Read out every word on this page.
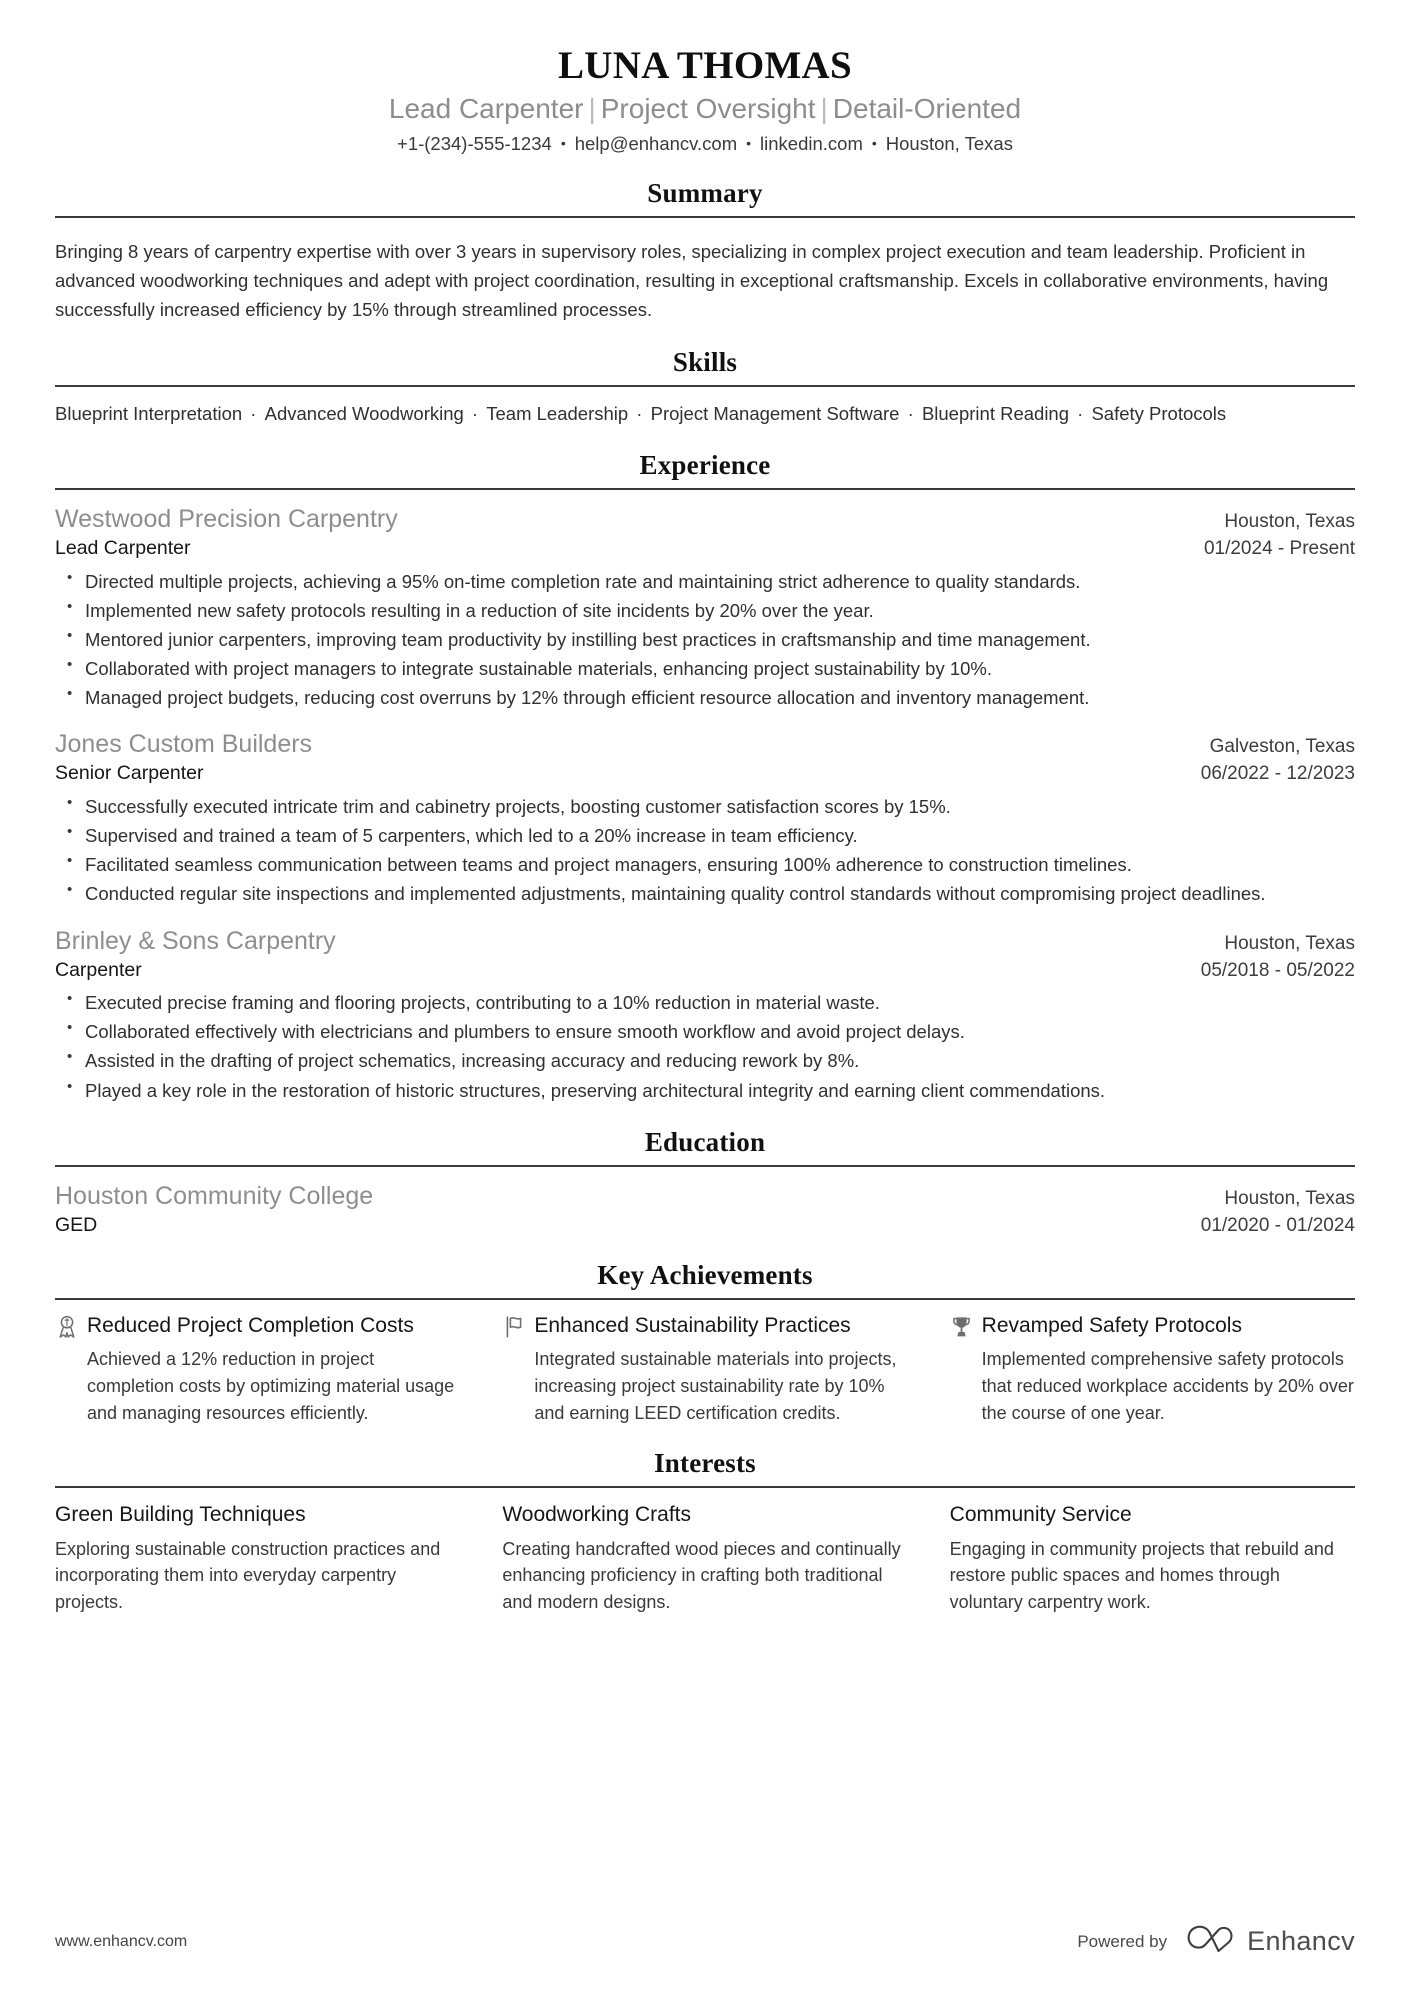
LUNA THOMAS
Lead Carpenter | Project Oversight | Detail-Oriented
+1-(234)-555-1234 • help@enhancv.com • linkedin.com • Houston, Texas
Summary

Bringing 8 years of carpentry expertise with over 3 years in supervisory roles, specializing in complex project execution and team leadership. Proficient in advanced woodworking techniques and adept with project coordination, resulting in exceptional craftsmanship. Excels in collaborative environments, having successfully increased efficiency by 15% through streamlined processes.

Skills
Blueprint Interpretation · Advanced Woodworking · Team Leadership · Project Management Software · Blueprint Reading · Safety Protocols
Experience
Westwood Precision Carpentry	Houston, Texas
Lead Carpenter	01/2024 - Present
• Directed multiple projects, achieving a 95% on-time completion rate and maintaining strict adherence to quality standards.
• Implemented new safety protocols resulting in a reduction of site incidents by 20% over the year.
• Mentored junior carpenters, improving team productivity by instilling best practices in craftsmanship and time management.
• Collaborated with project managers to integrate sustainable materials, enhancing project sustainability by 10%.
• Managed project budgets, reducing cost overruns by 12% through efficient resource allocation and inventory management.
Jones Custom Builders	Galveston, Texas
Senior Carpenter	06/2022 - 12/2023
• Successfully executed intricate trim and cabinetry projects, boosting customer satisfaction scores by 15%.
• Supervised and trained a team of 5 carpenters, which led to a 20% increase in team efficiency.
• Facilitated seamless communication between teams and project managers, ensuring 100% adherence to construction timelines.
• Conducted regular site inspections and implemented adjustments, maintaining quality control standards without compromising project deadlines.
Brinley & Sons Carpentry	Houston, Texas
Carpenter	05/2018 - 05/2022
• Executed precise framing and flooring projects, contributing to a 10% reduction in material waste.
• Collaborated effectively with electricians and plumbers to ensure smooth workflow and avoid project delays.
• Assisted in the drafting of project schematics, increasing accuracy and reducing rework by 8%.
• Played a key role in the restoration of historic structures, preserving architectural integrity and earning client commendations.
Education
Houston Community College	Houston, Texas
GED	01/2020 - 01/2024
Key Achievements
Reduced Project Completion Costs
Achieved a 12% reduction in project completion costs by optimizing material usage and managing resources efficiently.
Enhanced Sustainability Practices
Integrated sustainable materials into projects, increasing project sustainability rate by 10% and earning LEED certification credits.
Revamped Safety Protocols
Implemented comprehensive safety protocols that reduced workplace accidents by 20% over the course of one year.
Interests
Green Building Techniques
Exploring sustainable construction practices and incorporating them into everyday carpentry projects.
Woodworking Crafts
Creating handcrafted wood pieces and continually enhancing proficiency in crafting both traditional and modern designs.
Community Service
Engaging in community projects that rebuild and restore public spaces and homes through voluntary carpentry work.
www.enhancv.com	Powered by	Enhancv
